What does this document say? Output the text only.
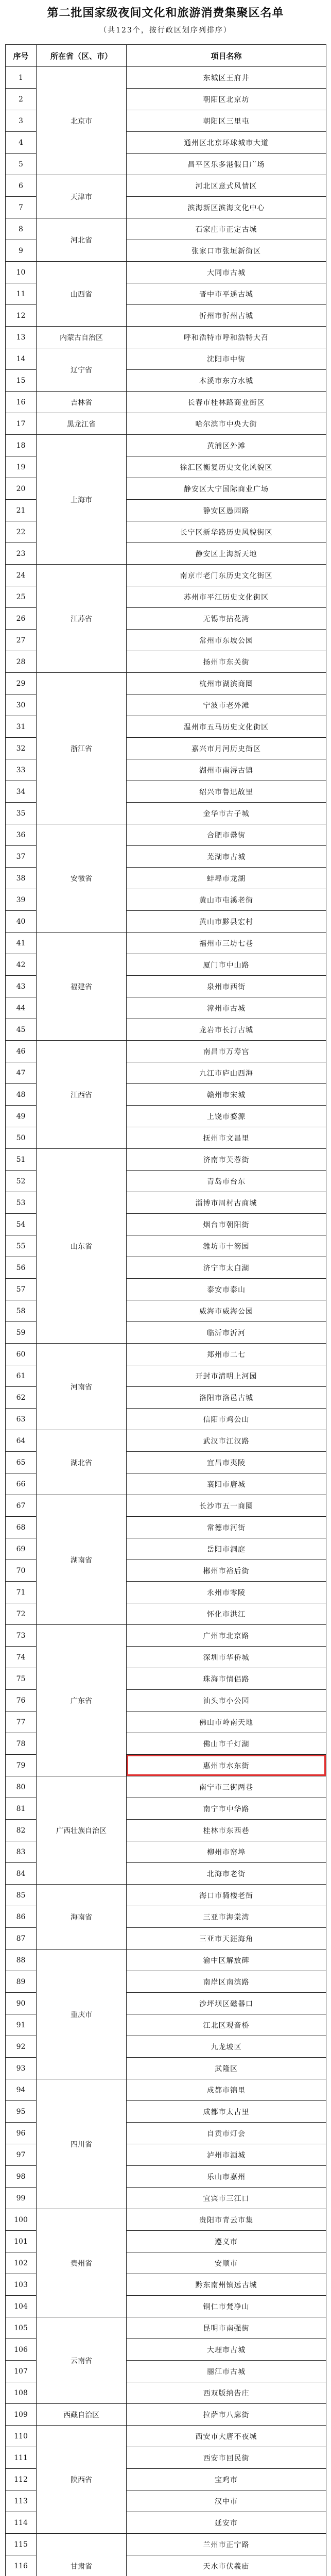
第二批国家级夜间文化和旅游消费集聚区名单
（共123个，按行政区划序列排序）
序号	所在省（区、市）	项目名称
1	北京市	东城区王府井
2		朝阳区北京坊
3		朝阳区三里屯
4		通州区北京环球城市大道
5		昌平区乐多港假日广场
6	天津市	河北区意式风情区
7		滨海新区滨海文化中心
8	河北省	石家庄市正定古城
9		张家口市张垣新街区
10	山西省	大同市古城
11		晋中市平遥古城
12		忻州市忻州古城
13	内蒙古自治区	呼和浩特市呼和浩特大召
14	辽宁省	沈阳市中街
15		本溪市东方水城
16	吉林省	长春市桂林路商业街区
17	黑龙江省	哈尔滨市中央大街
18	上海市	黄浦区外滩
19		徐汇区衡复历史文化风貌区
20		静安区大宁国际商业广场
21		静安区愚园路
22		长宁区新华路历史风貌街区
23		静安区上海新天地
24	江苏省	南京市老门东历史文化街区
25		苏州市平江历史文化街区
26		无锡市拈花湾
27		常州市东坡公园
28		扬州市东关街
29	浙江省	杭州市湖滨商圈
30		宁波市老外滩
31		温州市五马历史文化街区
32		嘉兴市月河历史街区
33		湖州市南浔古镇
34		绍兴市鲁迅故里
35		金华市古子城
36	安徽省	合肥市罍街
37		芜湖市古城
38		蚌埠市龙湖
39		黄山市屯溪老街
40		黄山市黟县宏村
41	福建省	福州市三坊七巷
42		厦门市中山路
43		泉州市西街
44		漳州市古城
45		龙岩市长汀古城
46	江西省	南昌市万寿宫
47		九江市庐山西海
48		赣州市宋城
49		上饶市婺源
50		抚州市文昌里
51	山东省	济南市芙蓉街
52		青岛市台东
53		淄博市周村古商城
54		烟台市朝阳街
55		潍坊市十笏园
56		济宁市太白湖
57		泰安市泰山
58		威海市威海公园
59		临沂市沂河
60	河南省	郑州市二七
61		开封市清明上河园
62		洛阳市洛邑古城
63		信阳市鸡公山
64	湖北省	武汉市江汉路
65		宜昌市夷陵
66		襄阳市唐城
67	湖南省	长沙市五一商圈
68		常德市河街
69		岳阳市洞庭
70		郴州市裕后街
71		永州市零陵
72		怀化市洪江
73	广东省	广州市北京路
74		深圳市华侨城
75		珠海市情侣路
76		汕头市小公园
77		佛山市岭南天地
78		佛山市千灯湖
79		惠州市水东街
80	广西壮族自治区	南宁市三街两巷
81		南宁市中华路
82		桂林市东西巷
83		柳州市窑埠
84		北海市老街
85	海南省	海口市骑楼老街
86		三亚市海棠湾
87		三亚市天涯海角
88	重庆市	渝中区解放碑
89		南岸区南滨路
90		沙坪坝区磁器口
91		江北区观音桥
92		九龙坡区
93		武隆区
94	四川省	成都市锦里
95		成都市太古里
96		自贡市灯会
97		泸州市酒城
98		乐山市嘉州
99		宜宾市三江口
100	贵州省	贵阳市青云市集
101		遵义市
102		安顺市
103		黔东南州镇远古城
104		铜仁市梵净山
105	云南省	昆明市南强街
106		大理市古城
107		丽江市古城
108		西双版纳告庄
109	西藏自治区	拉萨市八廓街
110	陕西省	西安市大唐不夜城
111		西安市回民街
112		宝鸡市
113		汉中市
114		延安市
115	甘肃省	兰州市正宁路
116		天水市伏羲庙
